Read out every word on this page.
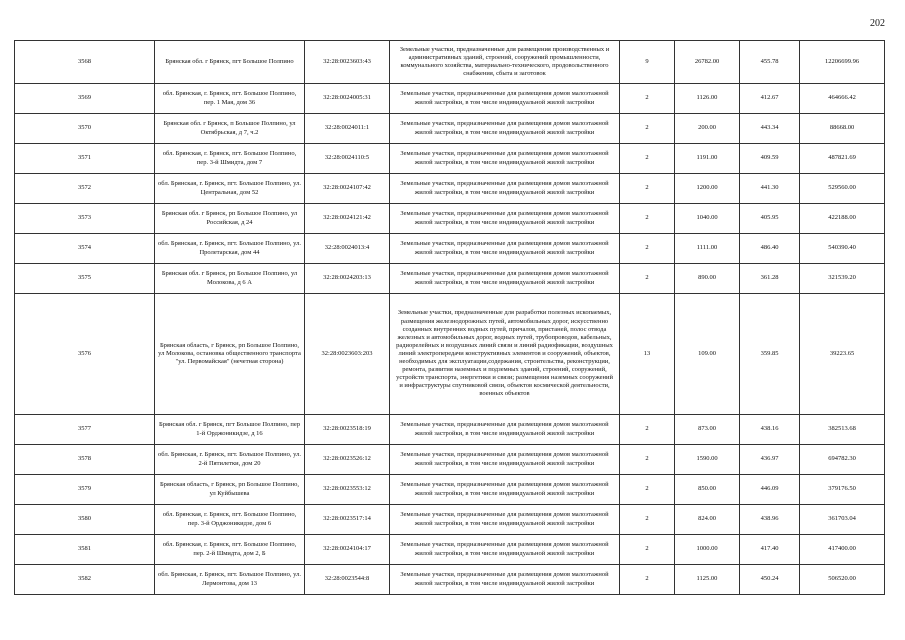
202
3568	Брянская обл. г Брянск, пгт Большое Полпино	32:28:0023603:43	Земельные участки, предназначенные для размещения производственных и административных зданий, строений, сооружений промышленности, коммунального хозяйства, материально-технического, продовольственного снабжения, сбыта и заготовок	9	26782.00	455.78	12206699.96
3569	обл. Брянская, г. Брянск, пгт. Большое Полпино, пер. 1 Мая, дом 36	32:28:0024005:31	Земельные участки, предназначенные для размещения домов малоэтажной жилой застройки, в том числе индивидуальной жилой застройки	2	1126.00	412.67	464666.42
3570	Брянская обл. г Брянск, п Большое Полпино, ул Октябрьская, д 7, ч.2	32:28:0024011:1	Земельные участки, предназначенные для размещения домов малоэтажной жилой застройки, в том числе индивидуальной жилой застройки	2	200.00	443.34	88668.00
3571	обл. Брянская, г. Брянск, пгт. Большое Полпино, пер. 3-й Шмидта, дом 7	32:28:0024110:5	Земельные участки, предназначенные для размещения домов малоэтажной жилой застройки, в том числе индивидуальной жилой застройки	2	1191.00	409.59	487821.69
3572	обл. Брянская, г. Брянск, пгт. Большое Полпино, ул. Центральная, дом 52	32:28:0024107:42	Земельные участки, предназначенные для размещения домов малоэтажной жилой застройки, в том числе индивидуальной жилой застройки	2	1200.00	441.30	529560.00
3573	Брянская обл. г Брянск, рп Большое Полпино, ул Российская, д 24	32:28:0024121:42	Земельные участки, предназначенные для размещения домов малоэтажной жилой застройки, в том числе индивидуальной жилой застройки	2	1040.00	405.95	422188.00
3574	обл. Брянская, г. Брянск, пгт. Большое Полпино, ул. Пролетарская, дом 44	32:28:0024013:4	Земельные участки, предназначенные для размещения домов малоэтажной жилой застройки, в том числе индивидуальной жилой застройки	2	1111.00	486.40	540390.40
3575	Брянская обл. г Брянск, рп Большое Полпино, ул Молокова, д 6 А	32:28:0024203:13	Земельные участки, предназначенные для размещения домов малоэтажной жилой застройки, в том числе индивидуальной жилой застройки	2	890.00	361.28	321539.20
3576	Брянская область, г Брянск, рп Большое Полпино, ул Молокова, остановка общественного транспорта "ул. Первомайская" (нечетная сторона)	32:28:0023603:203	Земельные участки, предназначенные для разработки полезных ископаемых, размещения железнодорожных путей, автомобильных дорог, искусственно созданных внутренних водных путей, причалов, пристаней, полос отвода железных и автомобильных дорог, водных путей, трубопроводов, кабельных, радиорелейных и воздушных линий связи и линий радиофикации, воздушных линий электропередачи конструктивных элементов и сооружений, объектов, необходимых для эксплуатации,содержания, строительства, реконструкции, ремонта, развития наземных и подземных зданий, строений, сооружений, устройств транспорта, энергетики и связи; размещения наземных сооружений и инфраструктуры спутниковой связи, объектов космической деятельности, военных объектов	13	109.00	359.85	39223.65
3577	Брянская обл. г Брянск, пгт Большое Полпино, пер 1-й Орджоникидзе, д 16	32:28:0023518:19	Земельные участки, предназначенные для размещения домов малоэтажной жилой застройки, в том числе индивидуальной жилой застройки	2	873.00	438.16	382513.68
3578	обл. Брянская, г. Брянск, пгт. Большое Полпино, ул. 2-й Пятилетки, дом 20	32:28:0023526:12	Земельные участки, предназначенные для размещения домов малоэтажной жилой застройки, в том числе индивидуальной жилой застройки	2	1590.00	436.97	694782.30
3579	Брянская область, г Брянск, рп Большое Полпино, ул Куйбышева	32:28:0023553:12	Земельные участки, предназначенные для размещения домов малоэтажной жилой застройки, в том числе индивидуальной жилой застройки	2	850.00	446.09	379176.50
3580	обл. Брянская, г. Брянск, пгт. Большое Полпино, пер. 3-й Орджоникидзе, дом 6	32:28:0023517:14	Земельные участки, предназначенные для размещения домов малоэтажной жилой застройки, в том числе индивидуальной жилой застройки	2	824.00	438.96	361703.04
3581	обл. Брянская, г. Брянск, пгт. Большое Полпино, пер. 2-й Шмидта, дом 2, Б	32:28:0024104:17	Земельные участки, предназначенные для размещения домов малоэтажной жилой застройки, в том числе индивидуальной жилой застройки	2	1000.00	417.40	417400.00
3582	обл. Брянская, г. Брянск, пгт. Большое Полпино, ул. Лермонтова, дом 13	32:28:0023544:8	Земельные участки, предназначенные для размещения домов малоэтажной жилой застройки, в том числе индивидуальной жилой застройки	2	1125.00	450.24	506520.00
